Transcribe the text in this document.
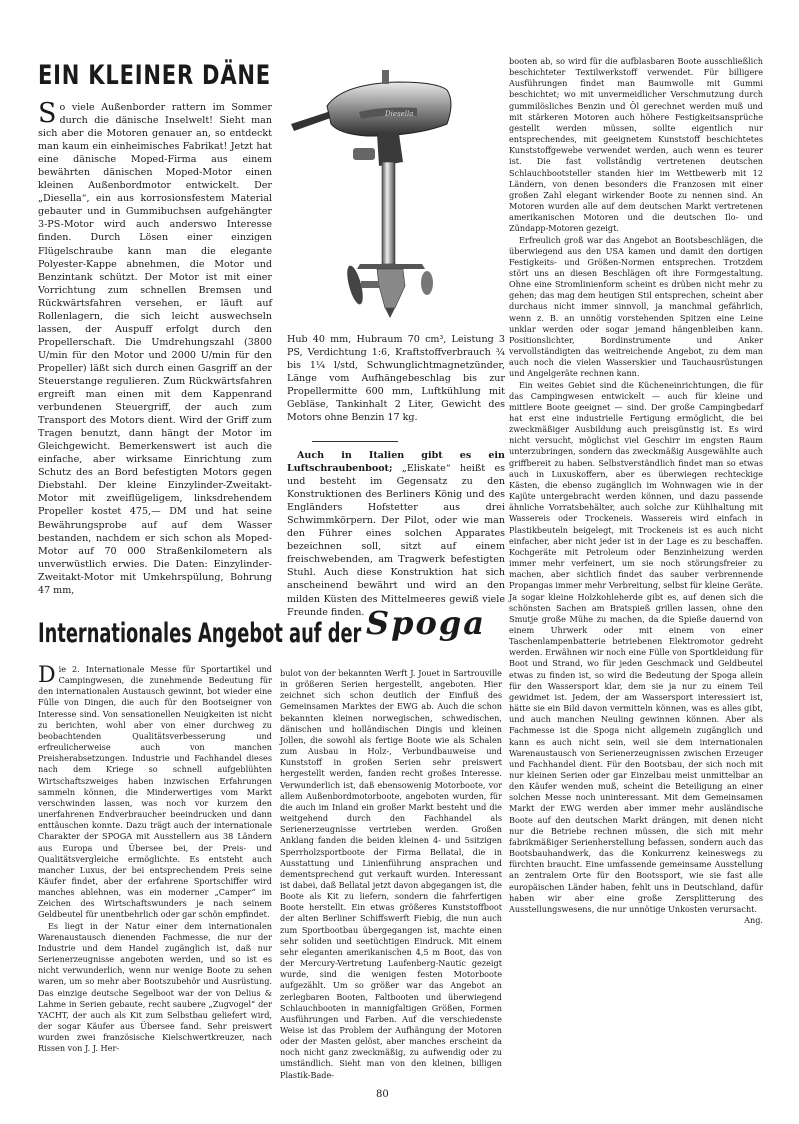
EIN KLEINER DÄNE

So viele Außenborder rattern im Sommer durch die dänische Inselwelt! Sieht man sich aber die Motoren genauer an, so entdeckt man kaum ein einheimisches Fabrikat! Jetzt hat eine dänische Moped-Firma aus einem bewährten dänischen Moped-Motor einen kleinen Außenbordmotor entwickelt. Der „Diesella“, ein aus korrosionsfestem Material gebauter und in Gummibuchsen aufgehängter 3-PS-Motor wird auch anderswo Interesse finden. Durch Lösen einer einzigen Flügelschraube kann man die elegante Polyester-Kappe abnehmen, die Motor und Benzintank schützt. Der Motor ist mit einer Vorrichtung zum schnellen Bremsen und Rückwärtsfahren versehen, er läuft auf Rollenlagern, die sich leicht auswechseln lassen, der Auspuff erfolgt durch den Propellerschaft. Die Umdrehungszahl (3800 U/min für den Motor und 2000 U/min für den Propeller) läßt sich durch einen Gasgriff an der Steuerstange regulieren. Zum Rückwärtsfahren ergreift man einen mit dem Kappenrand verbundenen Steuergriff, der auch zum Transport des Motors dient. Wird der Griff zum Tragen benutzt, dann hängt der Motor im Gleichgewicht. Bemerkenswert ist auch die einfache, aber wirksame Einrichtung zum Schutz des an Bord befestigten Motors gegen Diebstahl. Der kleine Einzylinder-Zweitakt-Motor mit zweiflügeligem, linksdrehendem Propeller kostet 475,— DM und hat seine Bewährungsprobe auf auf dem Wasser bestanden, nachdem er sich schon als Moped-Motor auf 70 000 Straßenkilometern als unverwüstlich erwies. Die Daten: Einzylinder-Zweitakt-Motor mit Umkehrspülung, Bohrung 47 mm,

Diesella

Hub 40 mm, Hubraum 70 cm³, Leistung 3 PS, Verdichtung 1:6, Kraftstoffverbrauch ¾ bis 1¼ l/std, Schwunglichtmagnetzünder, Länge vom Aufhängebeschlag bis zur Propellermitte 600 mm, Luftkühlung mit Gebläse, Tankinhalt 2 Liter, Gewicht des Motors ohne Benzin 17 kg.

Auch in Italien gibt es ein Luftschraubenboot; „Eliskate“ heißt es und besteht im Gegensatz zu den Konstruktionen des Berliners König und des Engländers Hofstetter aus drei Schwimmkörpern. Der Pilot, oder wie man den Führer eines solchen Apparates bezeichnen soll, sitzt auf einem freischwebenden, am Tragwerk befestigten Stuhl. Auch diese Konstruktion hat sich anscheinend bewährt und wird an den milden Küsten des Mittelmeeres gewiß viele Freunde finden.

booten ab, so wird für die aufblasbaren Boote ausschließlich beschichteter Textilwerkstoff verwendet. Für billigere Ausführungen findet man Baumwolle mit Gummi beschichtet; wo mit unvermeidlicher Verschmutzung durch gummilösliches Benzin und Öl gerechnet werden muß und mit stärkeren Motoren auch höhere Festigkeitsansprüche gestellt werden müssen, sollte eigentlich nur entsprechendes, mit geeignetem Kunststoff beschichtetes Kunststoffgewebe verwendet werden, auch wenn es teurer ist. Die fast vollständig vertretenen deutschen Schlauchbootsteller standen hier im Wettbewerb mit 12 Ländern, von denen besonders die Franzosen mit einer großen Zahl elegant wirkender Boote zu nennen sind. An Motoren wurden alle auf dem deutschen Markt vertretenen amerikanischen Motoren und die deutschen Ilo- und Zündapp-Motoren gezeigt.

Erfreulich groß war das Angebot an Bootsbeschlägen, die überwiegend aus den USA kamen und damit den dortigen Festigkeits- und Größen-Normen entsprechen. Trotzdem stört uns an diesen Beschlägen oft ihre Formgestaltung. Ohne eine Stromlinienform scheint es drüben nicht mehr zu gehen; das mag dem heutigen Stil entsprechen, scheint aber durchaus nicht immer sinnvoll, ja manchmal gefährlich, wenn z. B. an unnötig vorstehenden Spitzen eine Leine unklar werden oder sogar jemand hängenbleiben kann. Positionslichter, Bordinstrumente und Anker vervollständigten das weitreichende Angebot, zu dem man auch noch die vielen Wasserskier und Tauchausrüstungen und Angelgeräte rechnen kann.

Ein weites Gebiet sind die Kücheneinrichtungen, die für das Campingwesen entwickelt — auch für kleine und mittlere Boote geeignet — sind. Der große Campingbedarf hat erst eine industrielle Fertigung ermöglicht, die bei zweckmäßiger Ausbildung auch preisgünstig ist. Es wird nicht versucht, möglichst viel Geschirr im engsten Raum unterzubringen, sondern das zweckmäßig Ausgewählte auch griffbereit zu haben. Selbstverständlich findet man so etwas auch in Luxuskoffern, aber es überwiegen rechteckige Kästen, die ebenso zugänglich im Wohnwagen wie in der Kajüte untergebracht werden können, und dazu passende ähnliche Vorratsbehälter, auch solche zur Kühlhaltung mit Wassereis oder Trockeneis. Wassereis wird einfach in Plastikbeuteln beigelegt, mit Trockeneis ist es auch nicht einfacher, aber nicht jeder ist in der Lage es zu beschaffen. Kochgeräte mit Petroleum oder Benzinheizung werden immer mehr verfeinert, um sie noch störungsfreier zu machen, aber sichtlich findet das sauber verbrennende Propangas immer mehr Verbreitung, selbst für kleine Geräte. Ja sogar kleine Holzkohleherde gibt es, auf denen sich die schönsten Sachen am Bratspieß grillen lassen, ohne den Smutje große Mühe zu machen, da die Spieße dauernd von einem Uhrwerk oder mit einem von einer Taschenlampenbatterie betriebenen Elektromotor gedreht werden. Erwähnen wir noch eine Fülle von Sportkleidung für Boot und Strand, wo für jeden Geschmack und Geldbeutel etwas zu finden ist, so wird die Bedeutung der Spoga allein für den Wassersport klar, dem sie ja nur zu einem Teil gewidmet ist. Jedem, der am Wassersport interessiert ist, hätte sie ein Bild davon vermitteln können, was es alles gibt, und auch manchen Neuling gewinnen können. Aber als Fachmesse ist die Spoga nicht allgemein zugänglich und kann es auch nicht sein, weil sie dem internationalen Warenaustausch von Serienerzeugnissen zwischen Erzeuger und Fachhandel dient. Für den Bootsbau, der sich noch mit nur kleinen Serien oder gar Einzelbau meist unmittelbar an den Käufer wenden muß, scheint die Beteiligung an einer solchen Messe noch uninteressant. Mit dem Gemeinsamen Markt der EWG werden aber immer mehr ausländische Boote auf den deutschen Markt drängen, mit denen nicht nur die Betriebe rechnen müssen, die sich mit mehr fabrikmäßiger Serienherstellung befassen, sondern auch das Bootsbauhandwerk, das die Konkurrenz keineswegs zu fürchten braucht. Eine umfassende gemeinsame Ausstellung an zentralem Orte für den Bootssport, wie sie fast alle europäischen Länder haben, fehlt uns in Deutschland, dafür haben wir aber eine große Zersplitterung des Ausstellungswesens, die nur unnötige Unkosten verursacht.

Ang.

Internationales Angebot auf der Spoga

Die 2. Internationale Messe für Sportartikel und Campingwesen, die zunehmende Bedeutung für den internationalen Austausch gewinnt, bot wieder eine Fülle von Dingen, die auch für den Bootseigner von Interesse sind. Von sensationellen Neuigkeiten ist nicht zu berichten, wohl aber von einer durchweg zu beobachtenden Qualitätsverbesserung und erfreulicherweise auch von manchen Preisherabsetzungen. Industrie und Fachhandel dieses nach dem Kriege so schnell aufgeblühten Wirtschaftszweiges haben inzwischen Erfahrungen sammeln können, die Minderwertiges vom Markt verschwinden lassen, was noch vor kurzem den unerfahrenen Endverbraucher beeindrucken und dann enttäuschen konnte. Dazu trägt auch der internationale Charakter der SPOGA mit Ausstellern aus 38 Ländern aus Europa und Übersee bei, der Preis- und Qualitätsvergleiche ermöglichte. Es entsteht auch mancher Luxus, der bei entsprechendem Preis seine Käufer findet, aber der erfahrene Sportschiffer wird manches ablehnen, was ein moderner „Camper“ im Zeichen des Wirtschaftswunders je nach seinem Geldbeutel für unentbehrlich oder gar schön empfindet.

Es liegt in der Natur einer dem internationalen Warenaustausch dienenden Fachmesse, die nur der Industrie und dem Handel zugänglich ist, daß nur Serienerzeugnisse angeboten werden, und so ist es nicht verwunderlich, wenn nur wenige Boote zu sehen waren, um so mehr aber Bootszubehör und Ausrüstung. Das einzige deutsche Segelboot war der von Delius & Lahme in Serien gebaute, recht saubere „Zugvogel“ der YACHT, der auch als Kit zum Selbstbau geliefert wird, der sogar Käufer aus Übersee fand. Sehr preiswert wurden zwei französische Kielschwertkreuzer, nach Rissen von J. J. Her-

bulot von der bekannten Werft J. Jouet in Sartrouville in größeren Serien hergestellt, angeboten. Hier zeichnet sich schon deutlich der Einfluß des Gemeinsamen Marktes der EWG ab. Auch die schon bekannten kleinen norwegischen, schwedischen, dänischen und holländischen Dingis und kleinen Jollen, die sowohl als fertige Boote wie als Schalen zum Ausbau in Holz-, Verbundbauweise und Kunststoff in großen Serien sehr preiswert hergestellt werden, fanden recht großes Interesse. Verwunderlich ist, daß ebensowenig Motorboote, vor allem Außenbordmotorboote, angeboten wurden, für die auch im Inland ein großer Markt besteht und die weitgehend durch den Fachhandel als Serienerzeugnisse vertrieben werden. Großen Anklang fanden die beiden kleinen 4- und 5sitzigen Sperrholzsportboote der Firma Bellatal, die in Ausstattung und Linienführung ansprachen und dementsprechend gut verkauft wurden. Interessant ist dabei, daß Bellatal jetzt davon abgegangen ist, die Boote als Kit zu liefern, sondern die fahrfertigen Boote herstellt. Ein etwas größeres Kunststoffboot der alten Berliner Schiffswerft Fiebig, die nun auch zum Sportbootbau übergegangen ist, machte einen sehr soliden und seetüchtigen Eindruck. Mit einem sehr eleganten amerikanischen 4,5 m Boot, das von der Mercury-Vertretung Laufenberg-Nautic gezeigt wurde, sind die wenigen festen Motorboote aufgezählt. Um so größer war das Angebot an zerlegbaren Booten, Faltbooten und überwiegend Schlauchbooten in mannigfaltigen Größen, Formen Ausführungen und Farben. Auf die verschiedenste Weise ist das Problem der Aufhängung der Motoren oder der Masten gelöst, aber manches erscheint da noch nicht ganz zweckmäßig, zu aufwendig oder zu umständlich. Sieht man von den kleinen, billigen Plastik-Bade-

80
